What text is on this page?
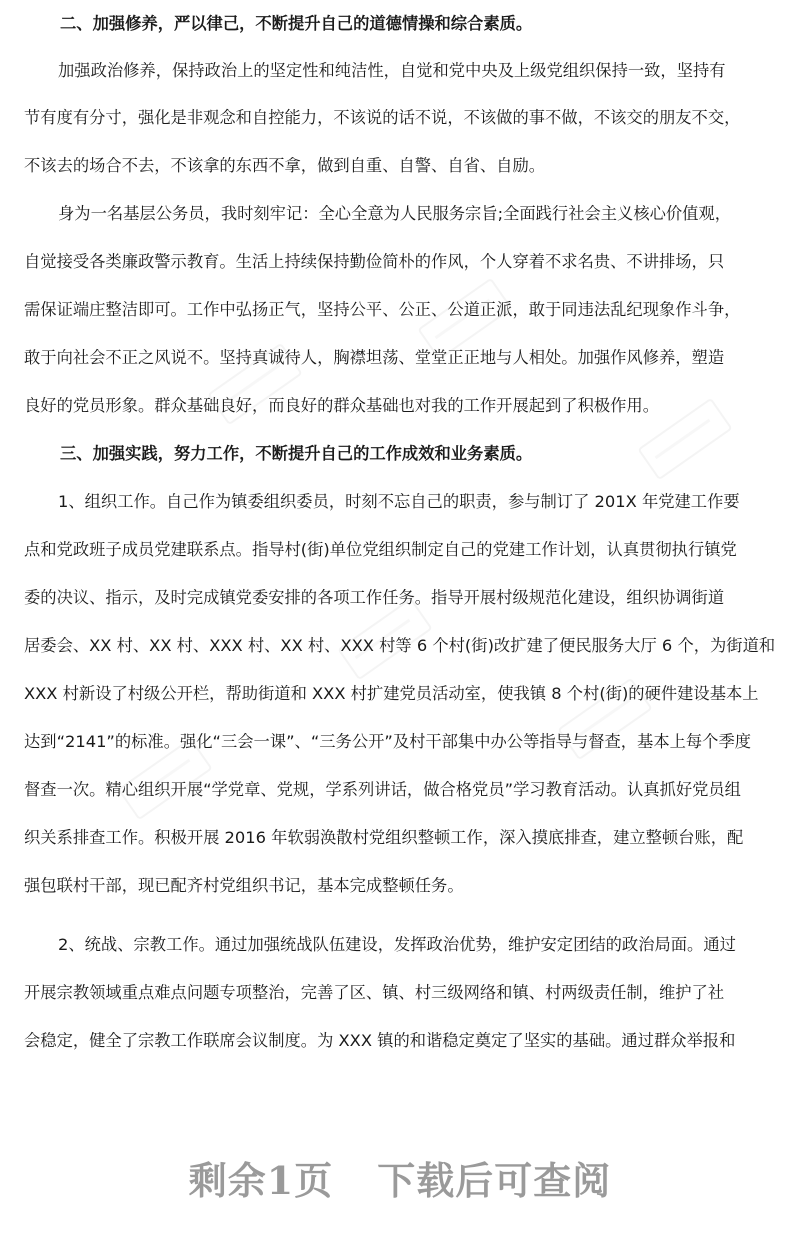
二、加强修养，严以律己，不断提升自己的道德情操和综合素质。
加强政治修养，保持政治上的坚定性和纯洁性，自觉和党中央及上级党组织保持一致，坚持有
节有度有分寸，强化是非观念和自控能力，不该说的话不说，不该做的事不做，不该交的朋友不交，
不该去的场合不去，不该拿的东西不拿，做到自重、自警、自省、自励。
身为一名基层公务员，我时刻牢记：全心全意为人民服务宗旨;全面践行社会主义核心价值观，
自觉接受各类廉政警示教育。生活上持续保持勤俭简朴的作风，个人穿着不求名贵、不讲排场，只
需保证端庄整洁即可。工作中弘扬正气，坚持公平、公正、公道正派，敢于同违法乱纪现象作斗争，
敢于向社会不正之风说不。坚持真诚待人，胸襟坦荡、堂堂正正地与人相处。加强作风修养，塑造
良好的党员形象。群众基础良好，而良好的群众基础也对我的工作开展起到了积极作用。
三、加强实践，努力工作，不断提升自己的工作成效和业务素质。
1、组织工作。自己作为镇委组织委员，时刻不忘自己的职责，参与制订了 201X 年党建工作要
点和党政班子成员党建联系点。指导村(街)单位党组织制定自己的党建工作计划，认真贯彻执行镇党
委的决议、指示，及时完成镇党委安排的各项工作任务。指导开展村级规范化建设，组织协调街道
居委会、XX 村、XX 村、XXX 村、XX 村、XXX 村等 6 个村(街)改扩建了便民服务大厅 6 个，为街道和
XXX 村新设了村级公开栏，帮助街道和 XXX 村扩建党员活动室，使我镇 8 个村(街)的硬件建设基本上
达到“2141”的标准。强化“三会一课”、“三务公开”及村干部集中办公等指导与督查，基本上每个季度
督查一次。精心组织开展“学党章、党规，学系列讲话，做合格党员”学习教育活动。认真抓好党员组
织关系排查工作。积极开展 2016 年软弱涣散村党组织整顿工作，深入摸底排查，建立整顿台账，配
强包联村干部，现已配齐村党组织书记，基本完成整顿任务。
2、统战、宗教工作。通过加强统战队伍建设，发挥政治优势，维护安定团结的政治局面。通过
开展宗教领域重点难点问题专项整治，完善了区、镇、村三级网络和镇、村两级责任制，维护了社
会稳定，健全了宗教工作联席会议制度。为 XXX 镇的和谐稳定奠定了坚实的基础。通过群众举报和
剩余1页 下载后可查阅
